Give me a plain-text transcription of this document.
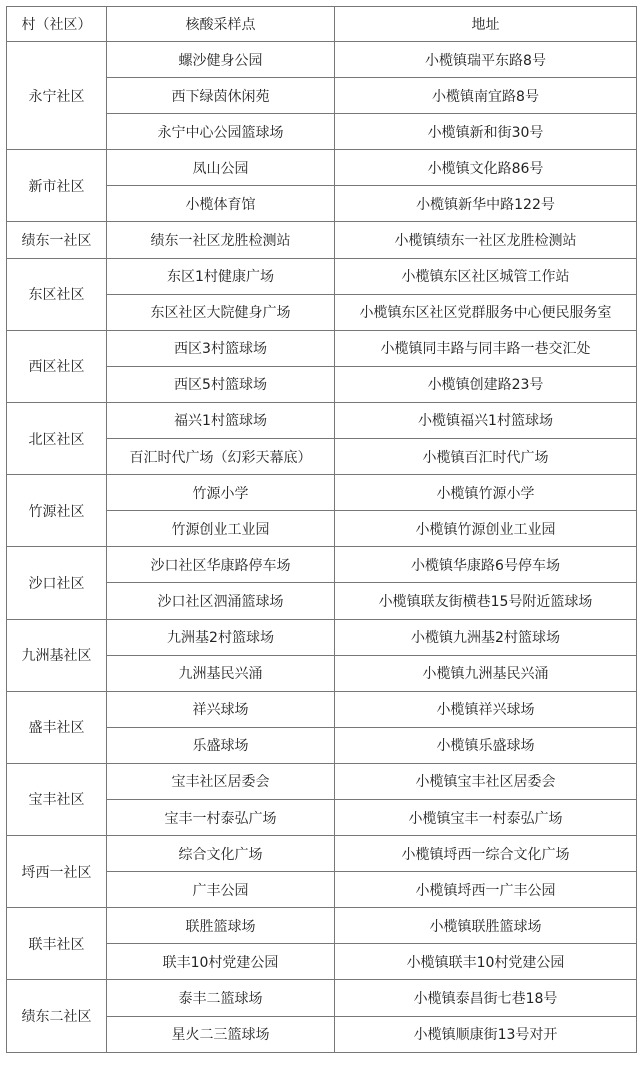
村（社区）	核酸采样点	地址
永宁社区	螺沙健身公园	小榄镇瑞平东路8号
	西下绿茵休闲苑	小榄镇南宜路8号
	永宁中心公园篮球场	小榄镇新和街30号
新市社区	凤山公园	小榄镇文化路86号
	小榄体育馆	小榄镇新华中路122号
绩东一社区	绩东一社区龙胜检测站	小榄镇绩东一社区龙胜检测站
东区社区	东区1村健康广场	小榄镇东区社区城管工作站
	东区社区大院健身广场	小榄镇东区社区党群服务中心便民服务室
西区社区	西区3村篮球场	小榄镇同丰路与同丰路一巷交汇处
	西区5村篮球场	小榄镇创建路23号
北区社区	福兴1村篮球场	小榄镇福兴1村篮球场
	百汇时代广场（幻彩天幕底）	小榄镇百汇时代广场
竹源社区	竹源小学	小榄镇竹源小学
	竹源创业工业园	小榄镇竹源创业工业园
沙口社区	沙口社区华康路停车场	小榄镇华康路6号停车场
	沙口社区泗涌篮球场	小榄镇联友街横巷15号附近篮球场
九洲基社区	九洲基2村篮球场	小榄镇九洲基2村篮球场
	九洲基民兴涌	小榄镇九洲基民兴涌
盛丰社区	祥兴球场	小榄镇祥兴球场
	乐盛球场	小榄镇乐盛球场
宝丰社区	宝丰社区居委会	小榄镇宝丰社区居委会
	宝丰一村泰弘广场	小榄镇宝丰一村泰弘广场
埒西一社区	综合文化广场	小榄镇埒西一综合文化广场
	广丰公园	小榄镇埒西一广丰公园
联丰社区	联胜篮球场	小榄镇联胜篮球场
	联丰10村党建公园	小榄镇联丰10村党建公园
绩东二社区	泰丰二篮球场	小榄镇泰昌街七巷18号
	星火二三篮球场	小榄镇顺康街13号对开
